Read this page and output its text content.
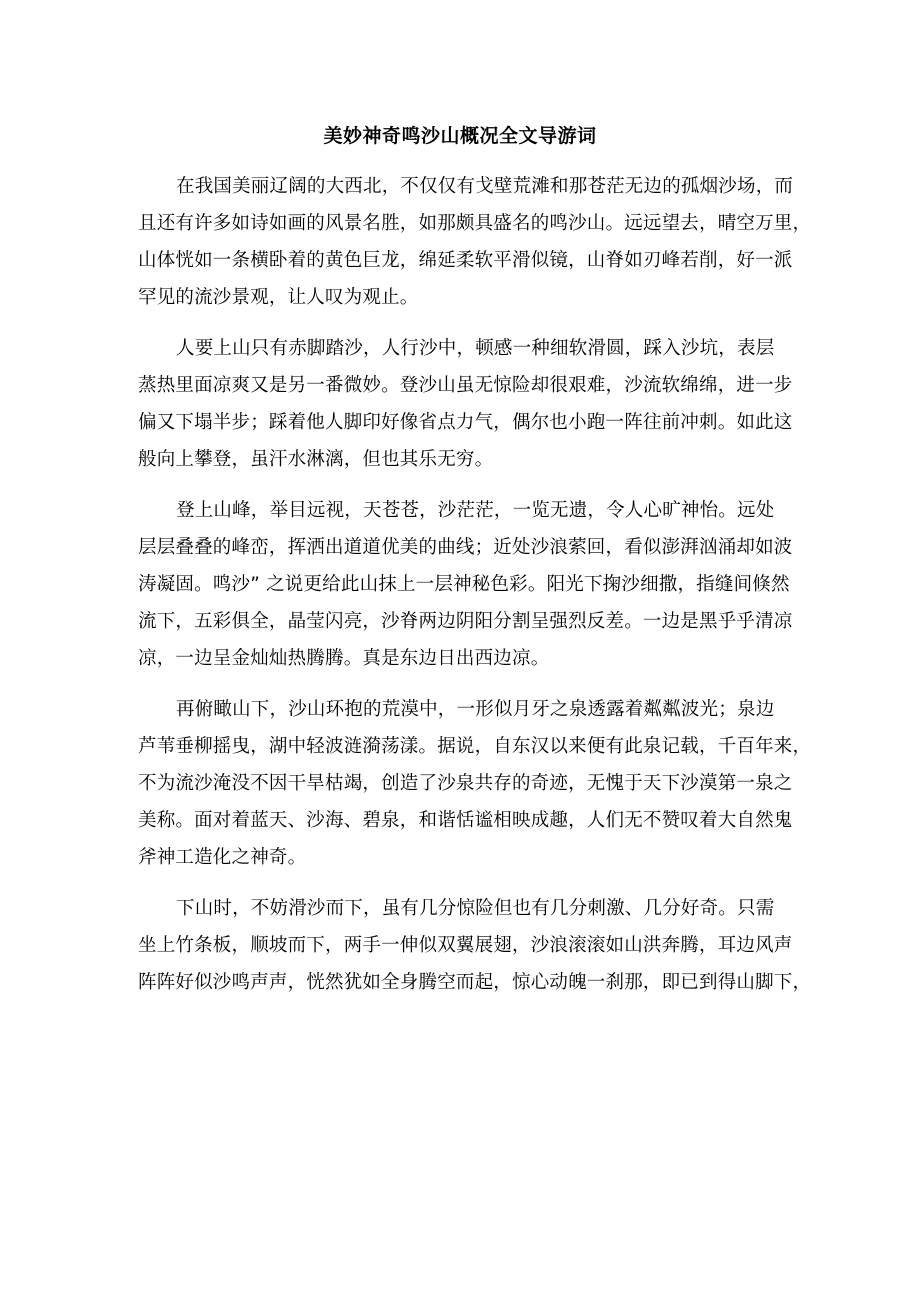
美妙神奇鸣沙山概况全文导游词
在我国美丽辽阔的大西北，不仅仅有戈壁荒滩和那苍茫无边的孤烟沙场，而
且还有许多如诗如画的风景名胜，如那颇具盛名的鸣沙山。远远望去，晴空万里，
山体恍如一条横卧着的黄色巨龙，绵延柔软平滑似镜，山脊如刃峰若削，好一派
罕见的流沙景观，让人叹为观止。
人要上山只有赤脚踏沙，人行沙中，顿感一种细软滑圆，踩入沙坑，表层
蒸热里面凉爽又是另一番微妙。登沙山虽无惊险却很艰难，沙流软绵绵，进一步
偏又下塌半步；踩着他人脚印好像省点力气，偶尔也小跑一阵往前冲刺。如此这
般向上攀登，虽汗水淋漓，但也其乐无穷。
登上山峰，举目远视，天苍苍，沙茫茫，一览无遗，令人心旷神怡。远处
层层叠叠的峰峦，挥洒出道道优美的曲线；近处沙浪萦回，看似澎湃汹涌却如波
涛凝固。鸣沙” 之说更给此山抹上一层神秘色彩。阳光下掬沙细撒，指缝间倏然
流下，五彩俱全，晶莹闪亮，沙脊两边阴阳分割呈强烈反差。一边是黑乎乎清凉
凉，一边呈金灿灿热腾腾。真是东边日出西边凉。
再俯瞰山下，沙山环抱的荒漠中，一形似月牙之泉透露着粼粼波光；泉边
芦苇垂柳摇曳，湖中轻波涟漪荡漾。据说，自东汉以来便有此泉记载，千百年来，
不为流沙淹没不因干旱枯竭，创造了沙泉共存的奇迹，无愧于天下沙漠第一泉之
美称。面对着蓝天、沙海、碧泉，和谐恬谧相映成趣，人们无不赞叹着大自然鬼
斧神工造化之神奇。
下山时，不妨滑沙而下，虽有几分惊险但也有几分刺激、几分好奇。只需
坐上竹条板，顺坡而下，两手一伸似双翼展翅，沙浪滚滚如山洪奔腾，耳边风声
阵阵好似沙鸣声声，恍然犹如全身腾空而起，惊心动魄一刹那，即已到得山脚下，
